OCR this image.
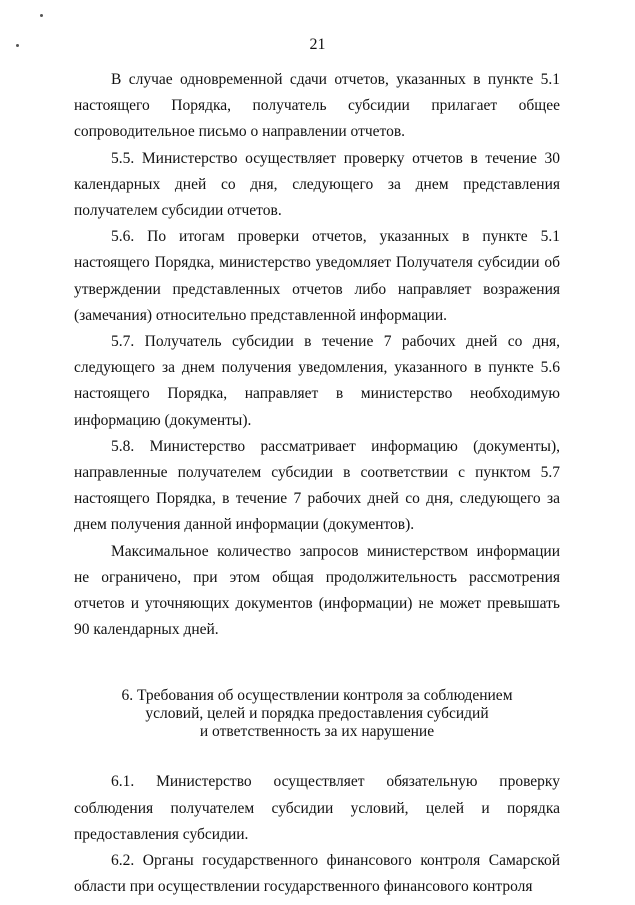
21

В случае одновременной сдачи отчетов, указанных в пункте 5.1 настоящего Порядка, получатель субсидии прилагает общее сопроводительное письмо о направлении отчетов.

5.5. Министерство осуществляет проверку отчетов в течение 30 календарных дней со дня, следующего за днем представления получателем субсидии отчетов.

5.6. По итогам проверки отчетов, указанных в пункте 5.1 настоящего Порядка, министерство уведомляет Получателя субсидии об утверждении представленных отчетов либо направляет возражения (замечания) относительно представленной информации.

5.7. Получатель субсидии в течение 7 рабочих дней со дня, следующего за днем получения уведомления, указанного в пункте 5.6 настоящего Порядка, направляет в министерство необходимую информацию (документы).

5.8. Министерство рассматривает информацию (документы), направленные получателем субсидии в соответствии с пунктом 5.7 настоящего Порядка, в течение 7 рабочих дней со дня, следующего за днем получения данной информации (документов).

Максимальное количество запросов министерством информации не ограничено, при этом общая продолжительность рассмотрения отчетов и уточняющих документов (информации) не может превышать 90 календарных дней.

6. Требования об осуществлении контроля за соблюдением
условий, целей и порядка предоставления субсидий
и ответственность за их нарушение

6.1. Министерство осуществляет обязательную проверку соблюдения получателем субсидии условий, целей и порядка предоставления субсидии.

6.2. Органы государственного финансового контроля Самарской области при осуществлении государственного финансового контроля
